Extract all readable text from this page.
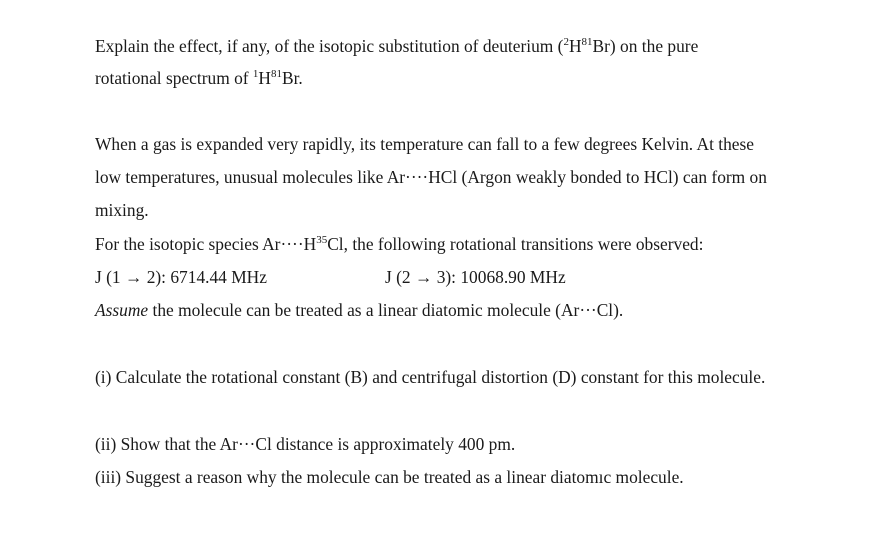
Explain the effect, if any, of the isotopic substitution of deuterium $(^2H^{81}Br)$ on the pure
rotational spectrum of $^1H^{81}Br$.
When a gas is expanded very rapidly, its temperature can fall to a few degrees Kelvin. At these
low temperatures, unusual molecules like Ar····HCl (Argon weakly bonded to HCl) can form on
mixing.
For the isotopic species $Ar\cdot\cdot\cdot\cdot H^{35}Cl$, the following rotational transitions were observed:
J (1 → 2): 6714.44 MHz	J (2 → 3): 10068.90 MHz
Assume the molecule can be treated as a linear diatomic molecule (Ar···Cl).
(i) Calculate the rotational constant (B) and centrifugal distortion (D) constant for this molecule.
(ii) Show that the Ar···Cl distance is approximately 400 pm.
(iii) Suggest a reason why the molecule can be treated as a linear diatomıc molecule.
